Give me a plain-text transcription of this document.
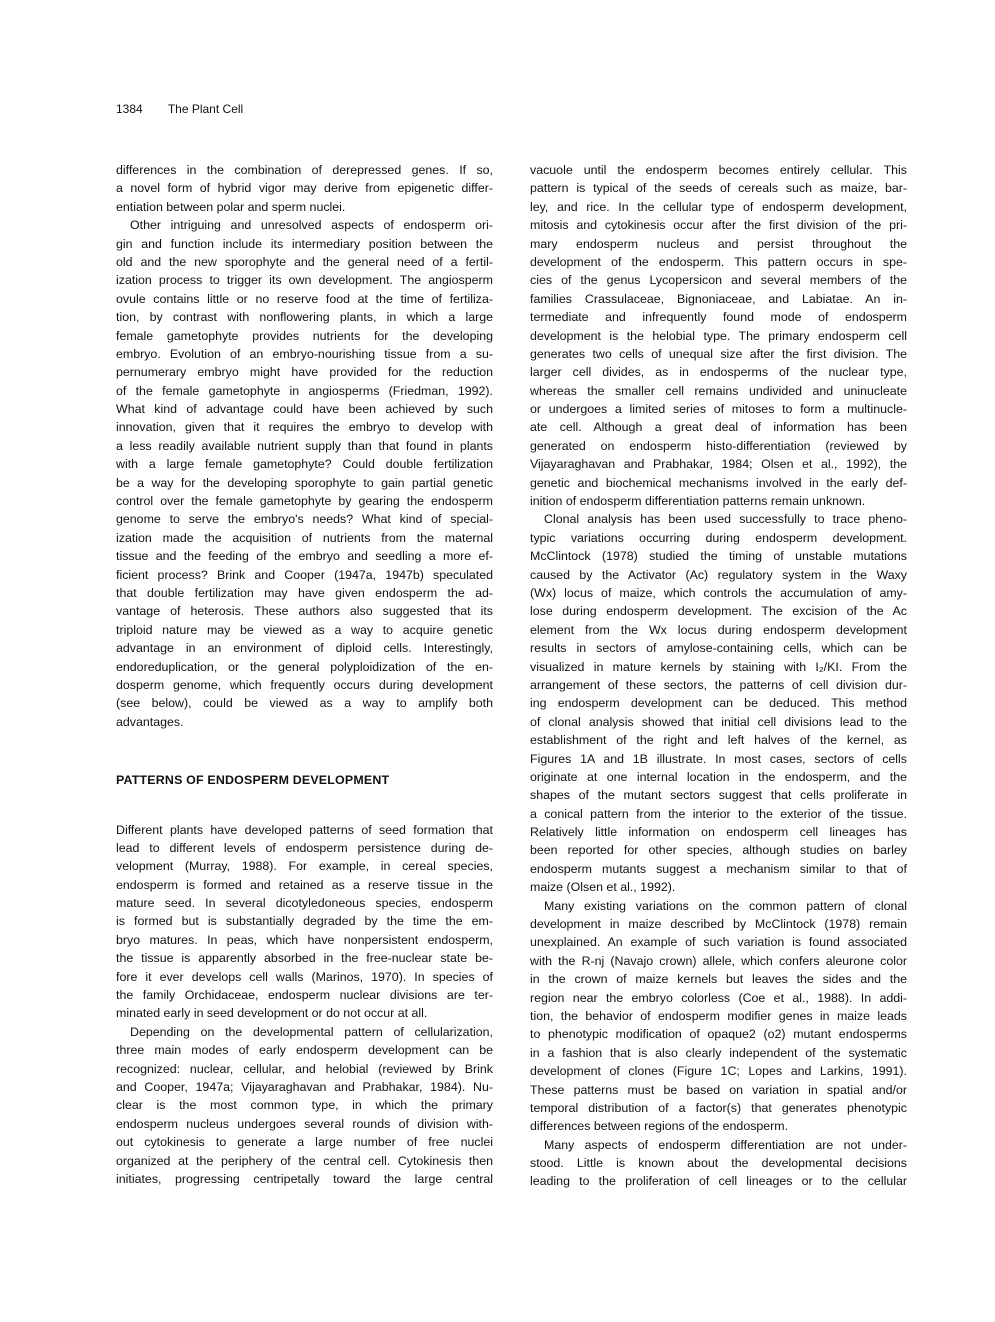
1384 The Plant Cell
differences in the combination of derepressed genes. If so,
a novel form of hybrid vigor may derive from epigenetic differ-
entiation between polar and sperm nuclei.
Other intriguing and unresolved aspects of endosperm ori-
gin and function include its intermediary position between the
old and the new sporophyte and the general need of a fertil-
ization process to trigger its own development. The angiosperm
ovule contains little or no reserve food at the time of fertiliza-
tion, by contrast with nonflowering plants, in which a large
female gametophyte provides nutrients for the developing
embryo. Evolution of an embryo-nourishing tissue from a su-
pernumerary embryo might have provided for the reduction
of the female gametophyte in angiosperms (Friedman, 1992).
What kind of advantage could have been achieved by such
innovation, given that it requires the embryo to develop with
a less readily available nutrient supply than that found in plants
with a large female gametophyte? Could double fertilization
be a way for the developing sporophyte to gain partial genetic
control over the female gametophyte by gearing the endosperm
genome to serve the embryo's needs? What kind of special-
ization made the acquisition of nutrients from the maternal
tissue and the feeding of the embryo and seedling a more ef-
ficient process? Brink and Cooper (1947a, 1947b) speculated
that double fertilization may have given endosperm the ad-
vantage of heterosis. These authors also suggested that its
triploid nature may be viewed as a way to acquire genetic
advantage in an environment of diploid cells. Interestingly,
endoreduplication, or the general polyploidization of the en-
dosperm genome, which frequently occurs during development
(see below), could be viewed as a way to amplify both
advantages.
PATTERNS OF ENDOSPERM DEVELOPMENT
Different plants have developed patterns of seed formation that
lead to different levels of endosperm persistence during de-
velopment (Murray, 1988). For example, in cereal species,
endosperm is formed and retained as a reserve tissue in the
mature seed. In several dicotyledoneous species, endosperm
is formed but is substantially degraded by the time the em-
bryo matures. In peas, which have nonpersistent endosperm,
the tissue is apparently absorbed in the free-nuclear state be-
fore it ever develops cell walls (Marinos, 1970). In species of
the family Orchidaceae, endosperm nuclear divisions are ter-
minated early in seed development or do not occur at all.
Depending on the developmental pattern of cellularization,
three main modes of early endosperm development can be
recognized: nuclear, cellular, and helobial (reviewed by Brink
and Cooper, 1947a; Vijayaraghavan and Prabhakar, 1984). Nu-
clear is the most common type, in which the primary
endosperm nucleus undergoes several rounds of division with-
out cytokinesis to generate a large number of free nuclei
organized at the periphery of the central cell. Cytokinesis then
initiates, progressing centripetally toward the large central
vacuole until the endosperm becomes entirely cellular. This
pattern is typical of the seeds of cereals such as maize, bar-
ley, and rice. In the cellular type of endosperm development,
mitosis and cytokinesis occur after the first division of the pri-
mary endosperm nucleus and persist throughout the
development of the endosperm. This pattern occurs in spe-
cies of the genus Lycopersicon and several members of the
families Crassulaceae, Bignoniaceae, and Labiatae. An in-
termediate and infrequently found mode of endosperm
development is the helobial type. The primary endosperm cell
generates two cells of unequal size after the first division. The
larger cell divides, as in endosperms of the nuclear type,
whereas the smaller cell remains undivided and uninucleate
or undergoes a limited series of mitoses to form a multinucle-
ate cell. Although a great deal of information has been
generated on endosperm histo-differentiation (reviewed by
Vijayaraghavan and Prabhakar, 1984; Olsen et al., 1992), the
genetic and biochemical mechanisms involved in the early def-
inition of endosperm differentiation patterns remain unknown.
Clonal analysis has been used successfully to trace pheno-
typic variations occurring during endosperm development.
McClintock (1978) studied the timing of unstable mutations
caused by the Activator (Ac) regulatory system in the Waxy
(Wx) locus of maize, which controls the accumulation of amy-
lose during endosperm development. The excision of the Ac
element from the Wx locus during endosperm development
results in sectors of amylose-containing cells, which can be
visualized in mature kernels by staining with I₂/KI. From the
arrangement of these sectors, the patterns of cell division dur-
ing endosperm development can be deduced. This method
of clonal analysis showed that initial cell divisions lead to the
establishment of the right and left halves of the kernel, as
Figures 1A and 1B illustrate. In most cases, sectors of cells
originate at one internal location in the endosperm, and the
shapes of the mutant sectors suggest that cells proliferate in
a conical pattern from the interior to the exterior of the tissue.
Relatively little information on endosperm cell lineages has
been reported for other species, although studies on barley
endosperm mutants suggest a mechanism similar to that of
maize (Olsen et al., 1992).
Many existing variations on the common pattern of clonal
development in maize described by McClintock (1978) remain
unexplained. An example of such variation is found associated
with the R-nj (Navajo crown) allele, which confers aleurone color
in the crown of maize kernels but leaves the sides and the
region near the embryo colorless (Coe et al., 1988). In addi-
tion, the behavior of endosperm modifier genes in maize leads
to phenotypic modification of opaque2 (o2) mutant endosperms
in a fashion that is also clearly independent of the systematic
development of clones (Figure 1C; Lopes and Larkins, 1991).
These patterns must be based on variation in spatial and/or
temporal distribution of a factor(s) that generates phenotypic
differences between regions of the endosperm.
Many aspects of endosperm differentiation are not under-
stood. Little is known about the developmental decisions
leading to the proliferation of cell lineages or to the cellular
